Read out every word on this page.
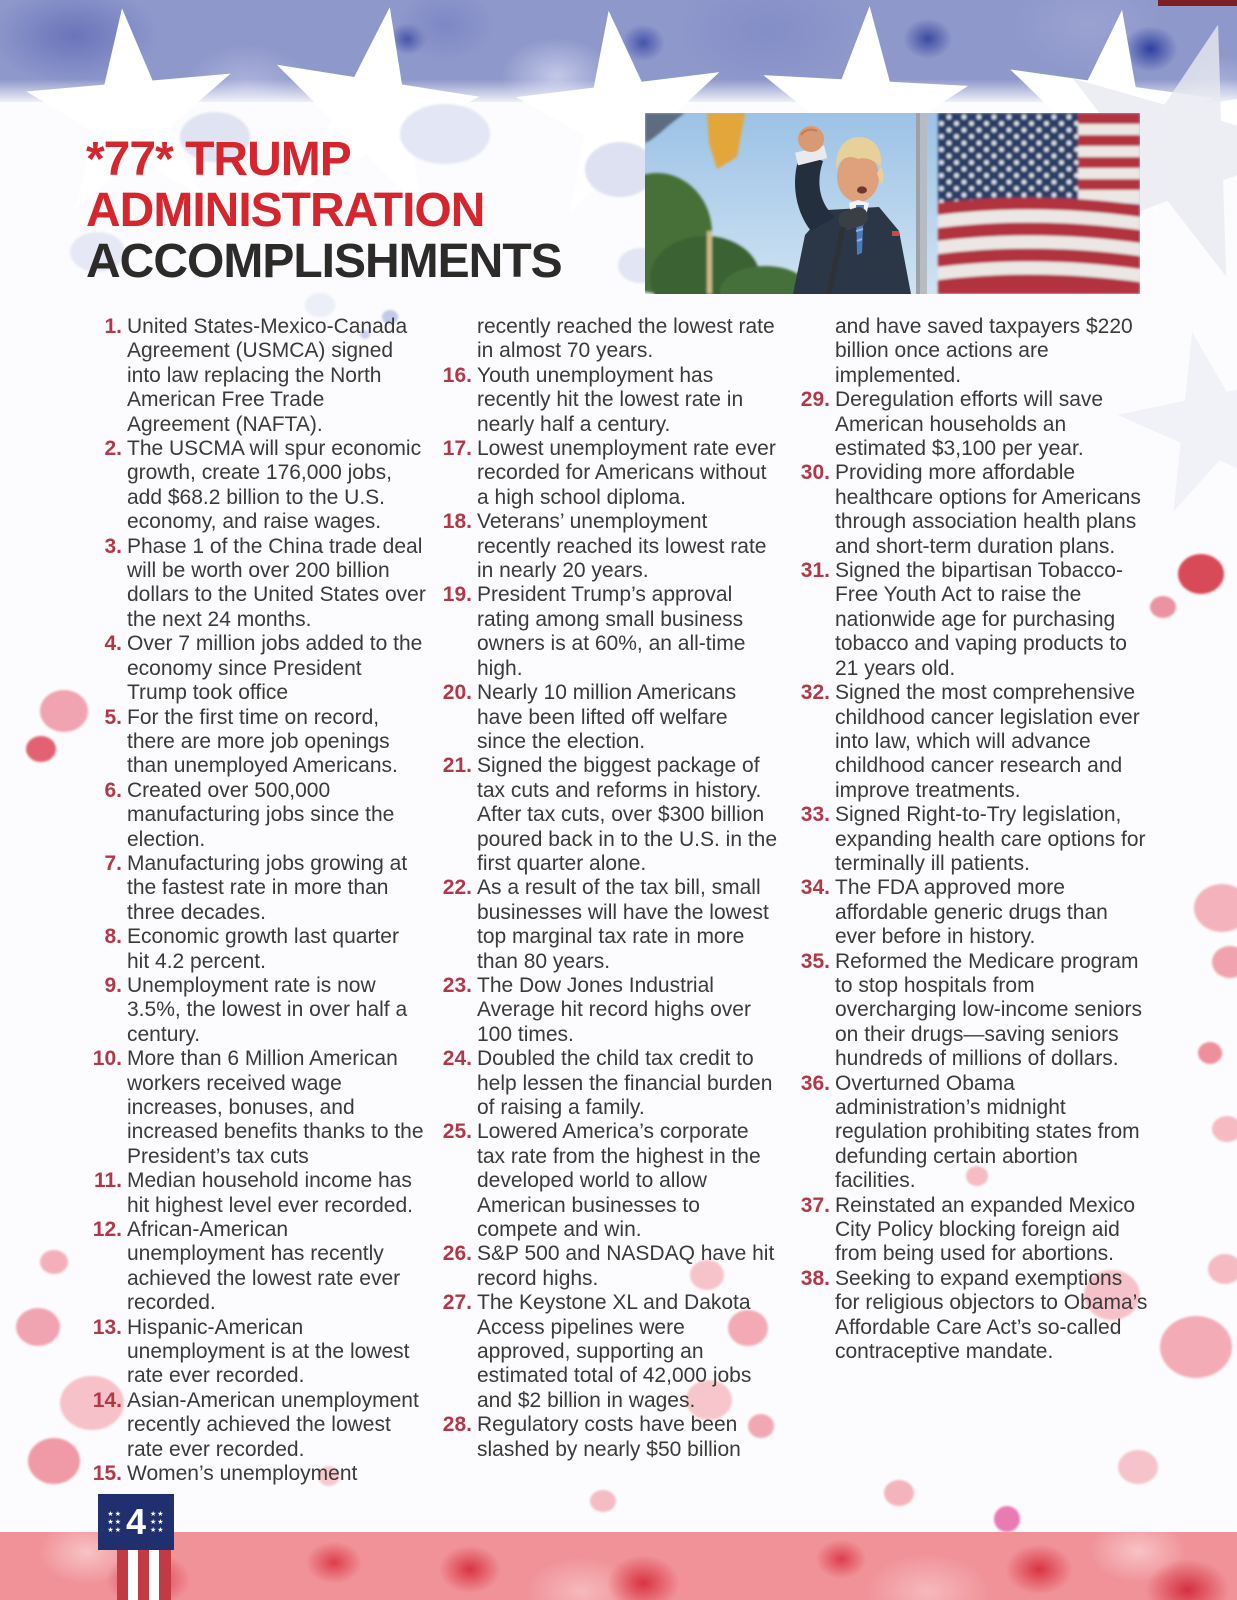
*77* TRUMP
ADMINISTRATION
ACCOMPLISHMENTS
1. United States-Mexico-Canada Agreement (USMCA) signed into law replacing the North American Free Trade Agreement (NAFTA).
2. The USCMA will spur economic growth, create 176,000 jobs, add $68.2 billion to the U.S. economy, and raise wages.
3. Phase 1 of the China trade deal will be worth over 200 billion dollars to the United States over the next 24 months.
4. Over 7 million jobs added to the economy since President Trump took office
5. For the first time on record, there are more job openings than unemployed Americans.
6. Created over 500,000 manufacturing jobs since the election.
7. Manufacturing jobs growing at the fastest rate in more than three decades.
8. Economic growth last quarter hit 4.2 percent.
9. Unemployment rate is now 3.5%, the lowest in over half a century.
10. More than 6 Million American workers received wage increases, bonuses, and increased benefits thanks to the President’s tax cuts
11. Median household income has hit highest level ever recorded.
12. African-American unemployment has recently achieved the lowest rate ever recorded.
13. Hispanic-American unemployment is at the lowest rate ever recorded.
14. Asian-American unemployment recently achieved the lowest rate ever recorded.
15. Women’s unemployment
recently reached the lowest rate in almost 70 years.
16. Youth unemployment has recently hit the lowest rate in nearly half a century.
17. Lowest unemployment rate ever recorded for Americans without a high school diploma.
18. Veterans’ unemployment recently reached its lowest rate in nearly 20 years.
19. President Trump’s approval rating among small business owners is at 60%, an all-time high.
20. Nearly 10 million Americans have been lifted off welfare since the election.
21. Signed the biggest package of tax cuts and reforms in history. After tax cuts, over $300 billion poured back in to the U.S. in the first quarter alone.
22. As a result of the tax bill, small businesses will have the lowest top marginal tax rate in more than 80 years.
23. The Dow Jones Industrial Average hit record highs over 100 times.
24. Doubled the child tax credit to help lessen the financial burden of raising a family.
25. Lowered America’s corporate tax rate from the highest in the developed world to allow American businesses to compete and win.
26. S&P 500 and NASDAQ have hit record highs.
27. The Keystone XL and Dakota Access pipelines were approved, supporting an estimated total of 42,000 jobs and $2 billion in wages.
28. Regulatory costs have been slashed by nearly $50 billion
and have saved taxpayers $220 billion once actions are implemented.
29. Deregulation efforts will save American households an estimated $3,100 per year.
30. Providing more affordable healthcare options for Americans through association health plans and short-term duration plans.
31. Signed the bipartisan Tobacco-Free Youth Act to raise the nationwide age for purchasing tobacco and vaping products to 21 years old.
32. Signed the most comprehensive childhood cancer legislation ever into law, which will advance childhood cancer research and improve treatments.
33. Signed Right-to-Try legislation, expanding health care options for terminally ill patients.
34. The FDA approved more affordable generic drugs than ever before in history.
35. Reformed the Medicare program to stop hospitals from overcharging low-income seniors on their drugs—saving seniors hundreds of millions of dollars.
36. Overturned Obama administration’s midnight regulation prohibiting states from defunding certain abortion facilities.
37. Reinstated an expanded Mexico City Policy blocking foreign aid from being used for abortions.
38. Seeking to expand exemptions for religious objectors to Obama’s Affordable Care Act’s so-called contraceptive mandate.
★★
★★
★★ 4 ★★
★★
★★
